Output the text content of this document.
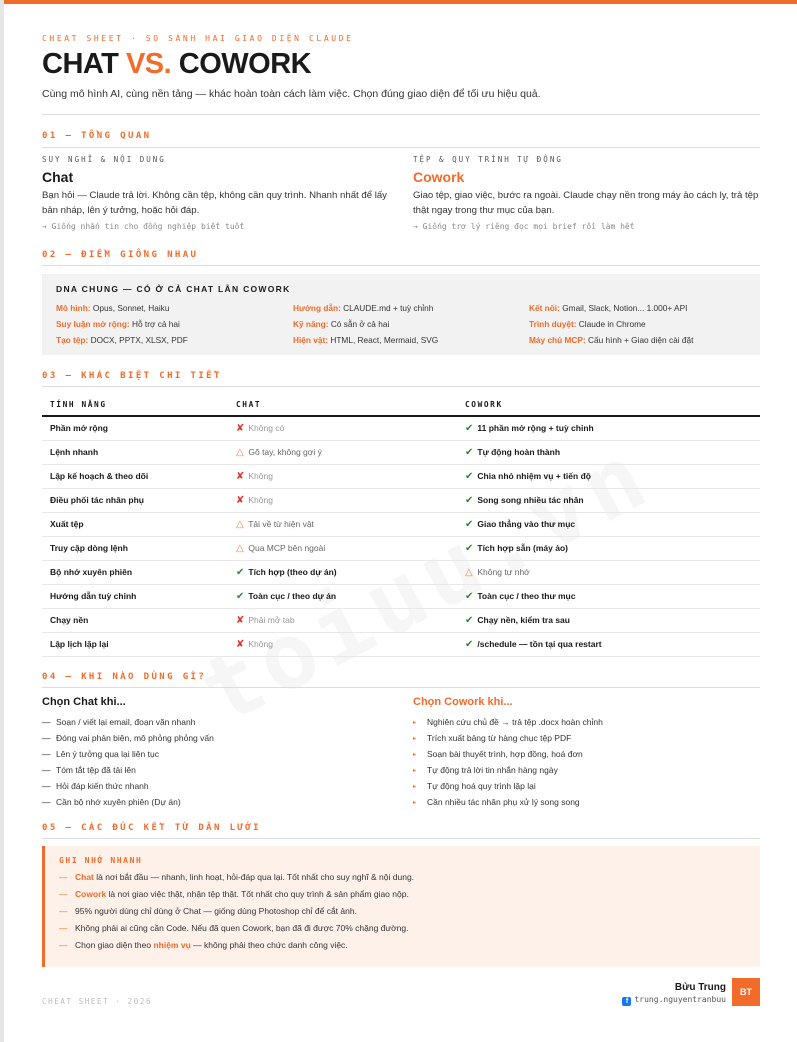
CHEAT SHEET · SO SÁNH HAI GIAO DIỆN CLAUDE
CHAT VS. COWORK
Cùng mô hình AI, cùng nền tảng — khác hoàn toàn cách làm việc. Chọn đúng giao diện để tối ưu hiệu quả.
01 — TỔNG QUAN
SUY NGHĨ & NỘI DUNG
Chat
Bạn hỏi — Claude trả lời. Không cần tệp, không cần quy trình. Nhanh nhất để lấy bản nháp, lên ý tưởng, hoặc hỏi đáp.
→ Giống nhắn tin cho đồng nghiệp biết tuốt
TỆP & QUY TRÌNH TỰ ĐỘNG
Cowork
Giao tệp, giao việc, bước ra ngoài. Claude chạy nền trong máy ảo cách ly, trả tệp thật ngay trong thư mục của bạn.
→ Giống trợ lý riêng đọc mọi brief rồi làm hết
02 — ĐIỂM GIỐNG NHAU
DNA CHUNG — CÓ Ở CẢ CHAT LẪN COWORK
Mô hình: Opus, Sonnet, Haiku
Suy luận mở rộng: Hỗ trợ cả hai
Tạo tệp: DOCX, PPTX, XLSX, PDF
Hướng dẫn: CLAUDE.md + tuỳ chỉnh
Kỹ năng: Có sẵn ở cả hai
Hiện vật: HTML, React, Mermaid, SVG
Kết nối: Gmail, Slack, Notion... 1.000+ API
Trình duyệt: Claude in Chrome
Máy chủ MCP: Cấu hình + Giao diện cài đặt
03 — KHÁC BIỆT CHI TIẾT
TÍNH NĂNG	CHAT	COWORK
Phần mở rộng	✘ Không có	✔ 11 phần mở rộng + tuỳ chỉnh
Lệnh nhanh	△ Gõ tay, không gợi ý	✔ Tự động hoàn thành
Lập kế hoạch & theo dõi	✘ Không	✔ Chia nhỏ nhiệm vụ + tiến độ
Điều phối tác nhân phụ	✘ Không	✔ Song song nhiều tác nhân
Xuất tệp	△ Tải về từ hiện vật	✔ Giao thẳng vào thư mục
Truy cập dòng lệnh	△ Qua MCP bên ngoài	✔ Tích hợp sẵn (máy ảo)
Bộ nhớ xuyên phiên	✔ Tích hợp (theo dự án)	△ Không tự nhớ
Hướng dẫn tuỳ chỉnh	✔ Toàn cục / theo dự án	✔ Toàn cục / theo thư mục
Chạy nền	✘ Phải mở tab	✔ Chạy nền, kiểm tra sau
Lập lịch lặp lại	✘ Không	✔ /schedule — tồn tại qua restart
04 — KHI NÀO DÙNG GÌ?
Chọn Chat khi...
— Soạn / viết lại email, đoạn văn nhanh
— Đóng vai phản biện, mô phỏng phỏng vấn
— Lên ý tưởng qua lại liên tục
— Tóm tắt tệp đã tải lên
— Hỏi đáp kiến thức nhanh
— Cần bộ nhớ xuyên phiên (Dự án)
Chọn Cowork khi...
▸ Nghiên cứu chủ đề → trả tệp .docx hoàn chỉnh
▸ Trích xuất bảng từ hàng chục tệp PDF
▸ Soạn bài thuyết trình, hợp đồng, hoá đơn
▸ Tự động trả lời tin nhắn hàng ngày
▸ Tự động hoá quy trình lặp lại
▸ Cần nhiều tác nhân phụ xử lý song song
05 — CÁC ĐÚC KẾT TỪ DÂN LƯỚI
GHI NHỚ NHANH
— Chat là nơi bắt đầu — nhanh, linh hoạt, hỏi-đáp qua lại. Tốt nhất cho suy nghĩ & nội dung.
— Cowork là nơi giao việc thật, nhận tệp thật. Tốt nhất cho quy trình & sản phẩm giao nộp.
— 95% người dùng chỉ dùng ở Chat — giống dùng Photoshop chỉ để cắt ảnh.
— Không phải ai cũng cần Code. Nếu đã quen Cowork, bạn đã đi được 70% chặng đường.
— Chọn giao diện theo nhiệm vụ — không phải theo chức danh công việc.
CHEAT SHEET · 2026
Bửu Trung
f trung.nguyentranbuu
BT
